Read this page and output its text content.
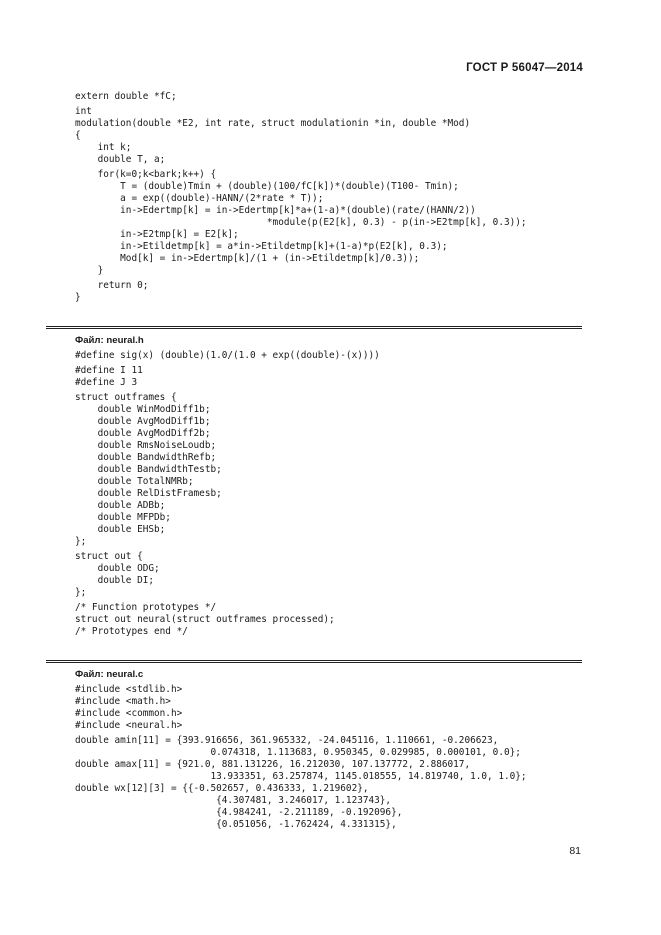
ГОСТ Р 56047—2014
extern double *fC;
int
modulation(double *E2, int rate, struct modulationin *in, double *Mod)
{
int k;
double T, a;
for(k=0;k<bark;k++) {
T = (double)Tmin + (double)(100/fC[k])*(double)(T100- Tmin);
a = exp((double)-HANN/(2*rate * T));
in->Edertmp[k] = in->Edertmp[k]*a+(1-a)*(double)(rate/(HANN/2))
*module(p(E2[k], 0.3) - p(in->E2tmp[k], 0.3));
in->E2tmp[k] = E2[k];
in->Etildetmp[k] = a*in->Etildetmp[k]+(1-a)*p(E2[k], 0.3);
Mod[k] = in->Edertmp[k]/(1 + (in->Etildetmp[k]/0.3));
}
return 0;
}
Файл: neural.h
#define sig(x) (double)(1.0/(1.0 + exp((double)-(x))))
#define I 11
#define J 3
struct outframes {
double WinModDiff1b;
double AvgModDiff1b;
double AvgModDiff2b;
double RmsNoiseLoudb;
double BandwidthRefb;
double BandwidthTestb;
double TotalNMRb;
double RelDistFramesb;
double ADBb;
double MFPDb;
double EHSb;
};
struct out {
double ODG;
double DI;
};
/* Function prototypes */
struct out neural(struct outframes processed);
/* Prototypes end */
Файл: neural.c
#include <stdlib.h>
#include <math.h>
#include <common.h>
#include <neural.h>
double amin[11] = {393.916656, 361.965332, -24.045116, 1.110661, -0.206623,
0.074318, 1.113683, 0.950345, 0.029985, 0.000101, 0.0};
double amax[11] = {921.0, 881.131226, 16.212030, 107.137772, 2.886017,
13.933351, 63.257874, 1145.018555, 14.819740, 1.0, 1.0};
double wx[12][3] = {{-0.502657, 0.436333, 1.219602},
{4.307481, 3.246017, 1.123743},
{4.984241, -2.211189, -0.192096},
{0.051056, -1.762424, 4.331315},
81
